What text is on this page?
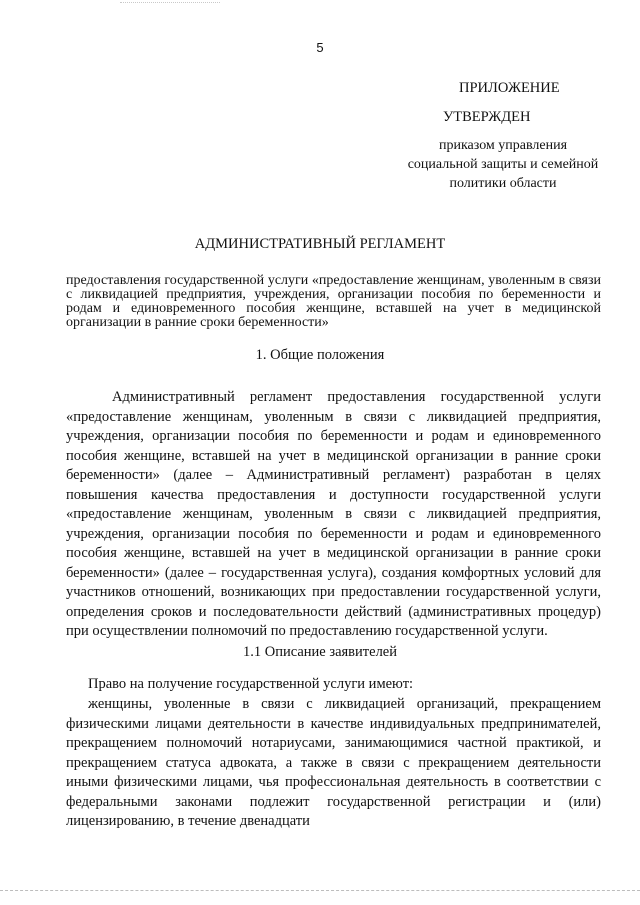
5
ПРИЛОЖЕНИЕ
УТВЕРЖДЕН
приказом управления
социальной защиты и семейной
политики области
АДМИНИСТРАТИВНЫЙ РЕГЛАМЕНТ
предоставления государственной услуги «предоставление женщинам, уволенным в связи с ликвидацией предприятия, учреждения, организации пособия по беременности и родам и единовременного пособия женщине, вставшей на учет в медицинской организации в ранние сроки беременности»
1. Общие положения

Административный регламент предоставления государственной услуги «предоставление женщинам, уволенным в связи с ликвидацией предприятия, учреждения, организации пособия по беременности и родам и единовременного пособия женщине, вставшей на учет в медицинской организации в ранние сроки беременности» (далее – Административный регламент) разработан в целях повышения качества предоставления и доступности государственной услуги «предоставление женщинам, уволенным в связи с ликвидацией предприятия, учреждения, организации пособия по беременности и родам и единовременного пособия женщине, вставшей на учет в медицинской организации в ранние сроки беременности» (далее – государственная услуга), создания комфортных условий для участников отношений, возникающих при предоставлении государственной услуги, определения сроков и последовательности действий (административных процедур) при осуществлении полномочий по предоставлению государственной услуги.

1.1 Описание заявителей

Право на получение государственной услуги имеют:

женщины, уволенные в связи с ликвидацией организаций, прекращением физическими лицами деятельности в качестве индивидуальных предпринимателей, прекращением полномочий нотариусами, занимающимися частной практикой, и прекращением статуса адвоката, а также в связи с прекращением деятельности иными физическими лицами, чья профессиональная деятельность в соответствии с федеральными законами подлежит государственной регистрации и (или) лицензированию, в течение двенадцати
